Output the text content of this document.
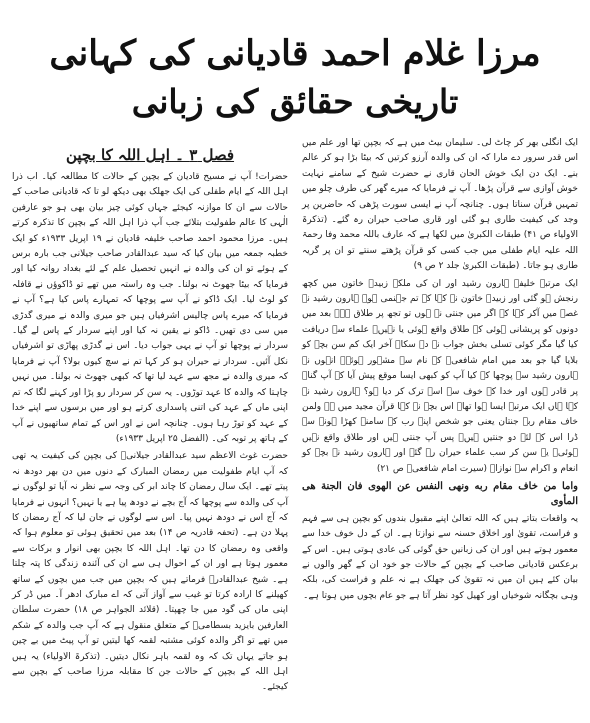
مرزا غلام احمد قادیانی کی کہانی
تاریخی حقائق کی زبانی
فصل ۳ ۔ اہل اللہ کا بچپن

حضرات! آپ نے مسیح قادیان کے بچپن کے حالات کا مطالعہ کیا۔ اب ذرا اہل اللہ کے ایام طفلی کی ایک جھلک بھی دیکھ لو تا کہ قادیانی صاحب کے حالات سے ان کا موازنہ کیجئے جہاں کوئی چیز بیان بھی ہو جو عارفین الٰہی کا عالم طفولیت بتلائے جب آپ ذرا اہل اللہ کے بچپن کا تذکرہ کرتے ہیں۔ مرزا محمود احمد صاحب خلیفہ قادیان نے ۱۹ اپریل ۱۹۳۳ء کو ایک خطبہ جمعہ میں بیان کیا کہ سید عبدالقادر صاحب جیلانی جب بارہ برس کے ہوئے تو ان کی والدہ نے انہیں تحصیل علم کے لئے بغداد روانہ کیا اور فرمایا کہ بیٹا جھوٹ نہ بولنا۔ جب وہ راستہ میں تھے تو ڈاکوؤں نے قافلہ کو لوٹ لیا۔ ایک ڈاکو نے آپ سے پوچھا کہ تمہارے پاس کیا ہے؟ آپ نے فرمایا کہ میرے پاس چالیس اشرفیاں ہیں جو میری والدہ نے میری گدڑی میں سی دی تھیں۔ ڈاکو نے یقین نہ کیا اور اپنے سردار کے پاس لے گیا۔ سردار نے پوچھا تو آپ نے یہی جواب دیا۔ اس نے گدڑی پھاڑی تو اشرفیاں نکل آئیں۔ سردار نے حیران ہو کر کہا تم نے سچ کیوں بولا؟ آپ نے فرمایا کہ میری والدہ نے مجھ سے عہد لیا تھا کہ کبھی جھوٹ نہ بولنا۔ میں نہیں چاہتا کہ والدہ کا عہد توڑوں۔ یہ سن کر سردار رو پڑا اور کہنے لگا کہ تم اپنی ماں کے عہد کی اتنی پاسداری کرتے ہو اور میں برسوں سے اپنے خدا کے عہد کو توڑ رہا ہوں۔ چنانچہ اس نے اور اس کے تمام ساتھیوں نے آپ کے ہاتھ پر توبہ کی۔ (الفضل ۲۵ اپریل ۱۹۳۳ء)

حضرت غوث الاعظم سید عبدالقادر جیلانیؒ کی بچپن کی کیفیت یہ تھی کہ آپ ایام طفولیت میں رمضان المبارک کے دنوں میں دن بھر دودھ نہ پیتے تھے۔ ایک سال رمضان کا چاند ابر کی وجہ سے نظر نہ آیا تو لوگوں نے آپ کی والدہ سے پوچھا کہ آج بچے نے دودھ پیا ہے یا نہیں؟ انہوں نے فرمایا کہ آج اس نے دودھ نہیں پیا۔ اس سے لوگوں نے جان لیا کہ آج رمضان کا پہلا دن ہے۔ (تحفہ قادریہ ص ۱۴) بعد میں تحقیق ہوئی تو معلوم ہوا کہ واقعی وہ رمضان کا دن تھا۔ اہل اللہ کا بچپن بھی انوار و برکات سے معمور ہوتا ہے اور ان کے احوال ہی سے ان کی آئندہ زندگی کا پتہ چلتا ہے۔ شیخ عبدالقادرؒ فرماتے ہیں کہ بچپن میں جب میں بچوں کے ساتھ کھیلنے کا ارادہ کرتا تو غیب سے آواز آتی کہ اے مبارک ادھر آ۔ میں ڈر کر اپنی ماں کی گود میں جا چھپتا۔ (قلائد الجواہر ص ۱۸) حضرت سلطان العارفین بایزید بسطامیؒ کے متعلق منقول ہے کہ آپ جب والدہ کے شکم میں تھے تو اگر والدہ کوئی مشتبہ لقمہ کھا لیتیں تو آپ پیٹ میں بے چین ہو جاتے یہاں تک کہ وہ لقمہ باہر نکال دیتیں۔ (تذکرۃ الاولیاء) یہ ہیں اہل اللہ کے بچپن کے حالات جن کا مقابلہ مرزا صاحب کے بچپن سے کیجئے۔

ایک انگلی بھر کر چاٹ لی۔ سلیمان بیٹ میں ہے کہ بچپن تھا اور علم میں اس قدر سرور دے مارا کہ ان کی والدہ آرزو کرتیں کہ بیٹا بڑا ہو کر عالم بنے۔ ایک دن ایک خوش الحان قاری نے حضرت شیخ کے سامنے نہایت خوش آوازی سے قرآن پڑھا۔ آپ نے فرمایا کہ میرے گھر کی طرف چلو میں تمہیں قرآن سناتا ہوں۔ چنانچہ آپ نے ایسی سورت پڑھی کہ حاضرین پر وجد کی کیفیت طاری ہو گئی اور قاری صاحب حیران رہ گئے۔ (تذکرۃ الاولیاء ص ۴۱) طبقات الکبریٰ میں لکھا ہے کہ عارف باللہ محمد وفا رحمۃ اللہ علیہ ایام طفلی میں جب کسی کو قرآن پڑھتے سنتے تو ان پر گریہ طاری ہو جاتا۔ (طبقات الکبریٰ جلد ۲ ص ۹)

ایک مرتبہ خلیفہ ہارون رشید اور ان کی ملکہ زبیدہ خاتون میں کچھ رنجش ہو گئی اور زبیدہ خاتون نے کہا کہ تم جہنمی ہو۔ ہارون رشید نے غصہ میں آکر کہا کہ اگر میں جنتی نہ ہوں تو تجھ پر طلاق ہے۔ بعد میں دونوں کو پریشانی ہوئی کہ طلاق واقع ہوئی یا نہیں۔ علماء سے دریافت کیا گیا مگر کوئی تسلی بخش جواب نہ دے سکا۔ آخر ایک کم سن بچے کو بلایا گیا جو بعد میں امام شافعیؒ کے نام سے مشہور ہوئے۔ انہوں نے ہارون رشید سے پوچھا کہ کیا آپ کو کبھی ایسا موقع پیش آیا کہ آپ گناہ پر قادر ہوں اور خدا کے خوف سے اسے ترک کر دیا ہو؟ ہارون رشید نے کہا ہاں ایک مرتبہ ایسا ہوا تھا۔ اس بچے نے کہا قرآن مجید میں ہے ولمن خاف مقام ربہ جنتان یعنی جو شخص اپنے رب کے سامنے کھڑا ہونے سے ڈرا اس کے لئے دو جنتیں ہیں۔ پس آپ جنتی ہیں اور طلاق واقع نہیں ہوئی۔ یہ سن کر سب علماء حیران رہ گئے اور ہارون رشید نے بچے کو انعام و اکرام سے نوازا۔ (سیرت امام شافعیؒ ص ۲۱)

واما من خاف مقام ربه ونهى النفس عن الهوى فان الجنة هى المأوى

یہ واقعات بتاتے ہیں کہ اللہ تعالیٰ اپنے مقبول بندوں کو بچپن ہی سے فہم و فراست، تقویٰ اور اخلاق حسنہ سے نوازتا ہے۔ ان کے دل خوف خدا سے معمور ہوتے ہیں اور ان کی زبانیں حق گوئی کی عادی ہوتی ہیں۔ اس کے برعکس قادیانی صاحب کے بچپن کے حالات جو خود ان کے گھر والوں نے بیان کئے ہیں ان میں نہ تقویٰ کی جھلک ہے نہ علم و فراست کی، بلکہ وہی بچگانہ شوخیاں اور کھیل کود نظر آتا ہے جو عام بچوں میں ہوتا ہے۔
